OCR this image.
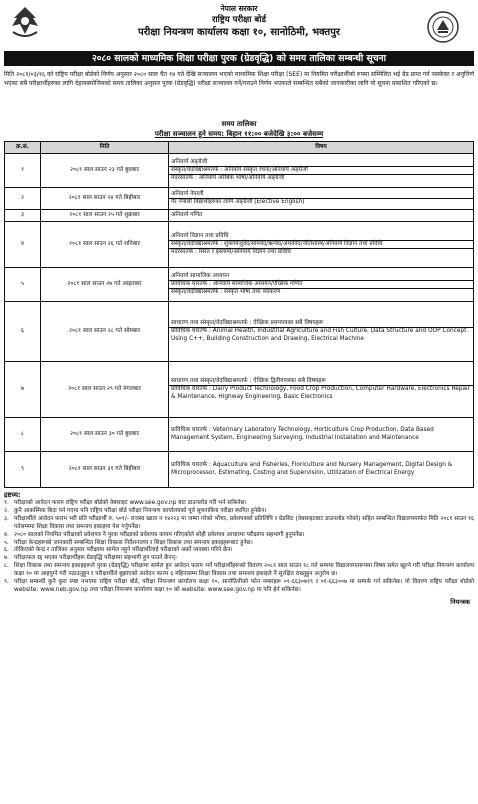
नेपाल सरकार
राष्ट्रिय परीक्षा बोर्ड
परीक्षा नियन्त्रण कार्यालय कक्षा १०, सानोठिमी, भक्तपुर
२०८० सालको माध्यमिक शिक्षा परीक्षा पुरक (ग्रेडवृद्धि) को समय तालिका सम्बन्धी सूचना
मिति २०८१/०३/१६ को राष्ट्रिय परीक्षा बोर्डको निर्णय अनुसार २०८० साल चैत १४ गते देखि सञ्चालन भएको माध्यमिक शिक्षा परीक्षा (SEE) मा नियमित परीक्षार्थीको रुपमा सम्मिलित भई ग्रेड प्राप्त गर्न नसकेका र अनुत्तिर्ण भएका सबै परीक्षार्थीहरुका लागि देहायबमोजिमको समय तालिका अनुसार पुरक (ग्रेडवृद्धि) परीक्षा सञ्चालन गर्ने/गराउने निर्णय भएकाले सम्बन्धित सबैको जानकारीका लागि यो सूचना प्रकाशित गरिएको छ।
समय तालिका
परीक्षा सञ्चालन हुने समय: बिहान ११:०० बजेदेखि ३:०० बजेसम्म
क्र.सं.	मिति	विषय
१	२०८१ साल साउन २३ गते बुधबार	अनिवार्य अङ्ग्रेजी
संस्कृत/वेदविद्याश्रमतर्फ : अनिवार्य संस्कृत रचना/अनिवार्य अङ्ग्रेजी
मदरसातर्फ : अनिवार्य अरेबिक भाषा/अनिवार्य अङ्ग्रेजी

२	२०८१ साल साउन २४ गते बिहीबार	अनिवार्य नेपाली
गैर नेपाली विद्यार्थीहरुका लागि अङ्ग्रेजी (Elective English)

३	२०८१ साल साउन २५ गते शुक्रबार	अनिवार्य गणित

४	२०८१ साल साउन २६ गते शनिबार	अनिवार्य विज्ञान तथा प्रविधि
संस्कृत/वेदविद्याश्रमतर्फ : शुक्लयजुर्वेद/सामवेद/ऋग्वेद/अथर्ववेद/नीतिशास्त्र/अनिवार्य विज्ञान तथा प्रविधि
मदरसातर्फ : सिरत र इस्लामी/अनिवार्य विज्ञान तथा प्रविधि

५	२०८१ साल साउन २७ गते आइतबार	अनिवार्य सामाजिक अध्ययन
प्राविधिक धारतर्फ : अनिवार्य सामाजिक अध्ययन/ऐच्छिक गणित
संस्कृत/वेदविद्याश्रमतर्फ : संस्कृत भाषा तथा व्याकरण

६	२०८१ साल साउन २८ गते सोमबार	साधारण तथा संस्कृत/वेदविद्याश्रमतर्फ : ऐच्छिक प्रथमपत्रका सबै विषयहरू
प्राविधिक धारतर्फ : Animal Health, Industrial Agriculture and Fish Culture, Data Structure and OOP Concept Using C++, Building Construction and Drawing, Electrical Machine

७	२०८१ साल साउन २९ गते मंगलबार	साधारण तथा संस्कृत/वेदविद्याश्रमतर्फ : ऐच्छिक द्वितीयपत्रका सबै विषयहरू
प्राविधिक धारतर्फ : Dairy Product Technology, Food Crop Production, Computer Hardware, Electronics Repair & Maintenance, Highway Engineering, Basic Electronics

८	२०८१ साल साउन ३० गते बुधबार	प्राविधिक धारतर्फ : Veterinary Laboratory Technology, Horticulture Crop Production, Data Based Management System, Engineering Surveying, Industrial Installation and Maintenance

९	२०८१ साल साउन ३१ गते बिहीबार	प्राविधिक धारतर्फ : Aquaculture and Fisheries, Floriculture and Nursery Management, Digital Design & Microprocessor, Estimating, Costing and Supervision, Utilization of Electrical Energy
द्रष्टव्य:
१. परीक्षाको आवेदन फारम राष्ट्रिय परीक्षा बोर्डको वेबसाइट www.see.gov.np बाट डाउनलोड गरी भर्न सकिनेछ।
२. कुनै आकस्मिक बिदा पर्न गएमा पनि राष्ट्रिय परीक्षा बोर्ड परीक्षा नियन्त्रण कार्यालयको पूर्व सूचनाबिना परीक्षा स्थगित हुनेछैन।
३. परीक्षार्थीले आवेदन फारम भरी प्रति परीक्षार्थी रु. ५०१/- राजस्व खाता न १४२२३ मा जम्मा गरेको भौचर, प्रवेशपत्रको प्रतिलिपि र ग्रेडसिट (वेबसाइटबाट डाउनलोड गरेको) सहित सम्बन्धित विद्यालयमार्फत मिति २०८१ साउन १६ गतेसम्ममा शिक्षा विकास तथा समन्वय इकाइमा पेश गर्नुपर्नेछ।
४. २०८० सालको नियमित परीक्षाको प्रवेशपत्र नै पुरक परीक्षाको प्रवेशपत्र कायम गरिएकोले सोही प्रवेशपत्र आधारमा परीक्षामा सहभागी हुनुपर्नेछ।
५. परीक्षा केन्द्रहरूको जानकारी सम्बन्धित शिक्षा विकास निर्देशनालय र शिक्षा विकास तथा समन्वय इकाइहरूबाट हुनेछ।
६. तोकिएको केन्द्र र तालिका अनुसार परीक्षामा सामेल नहुने परीक्षार्थीलाई परीक्षाको अर्को व्यवस्था गरिने छैन।
७. परीक्षाफल रद्द भएका परीक्षार्थीहरू ग्रेडवृद्धि परीक्षामा सहभागी हुन पाउने छैनन्।
८. शिक्षा विकास तथा समन्वय इकाइहरूले पुरक (ग्रेडवृद्धि) परीक्षामा सामेल हुन आवेदन फारम भर्ने परीक्षार्थीहरूको विवरण २०८१ साल साउन १८ गते सम्ममा विद्यालयगतरूपमा विषय समेत खुल्ने गरी परीक्षा नियन्त्रण कार्यालय कक्षा १० मा आइपुग्ने गरी पठाउनुहुन र परीक्षार्थीले बुझाएको आवेदन फारम ६ महिनासम्म शिक्षा विकास तथा समन्वय इकाइले नै सुरक्षित राख्नुहुन अनुरोध छ।
९. परीक्षा सम्बन्धी कुनै कुरा स्पष्ट नभएमा राष्ट्रिय परीक्षा बोर्ड, परीक्षा नियन्त्रण कार्यालय कक्षा १०, सानोठिमीको फोन नम्बरहरू ०१-६६३०७१९ र ०१-६६३००७ मा सम्पर्क गर्न सकिनेछ। यो विवरण राष्ट्रिय परीक्षा बोर्डको website: www.neb.gov.np तथा परीक्षा नियन्त्रण कार्यालय कक्षा १० को website: www.see.gov.np मा पनि हेर्न सकिनेछ।
नियन्त्रक
